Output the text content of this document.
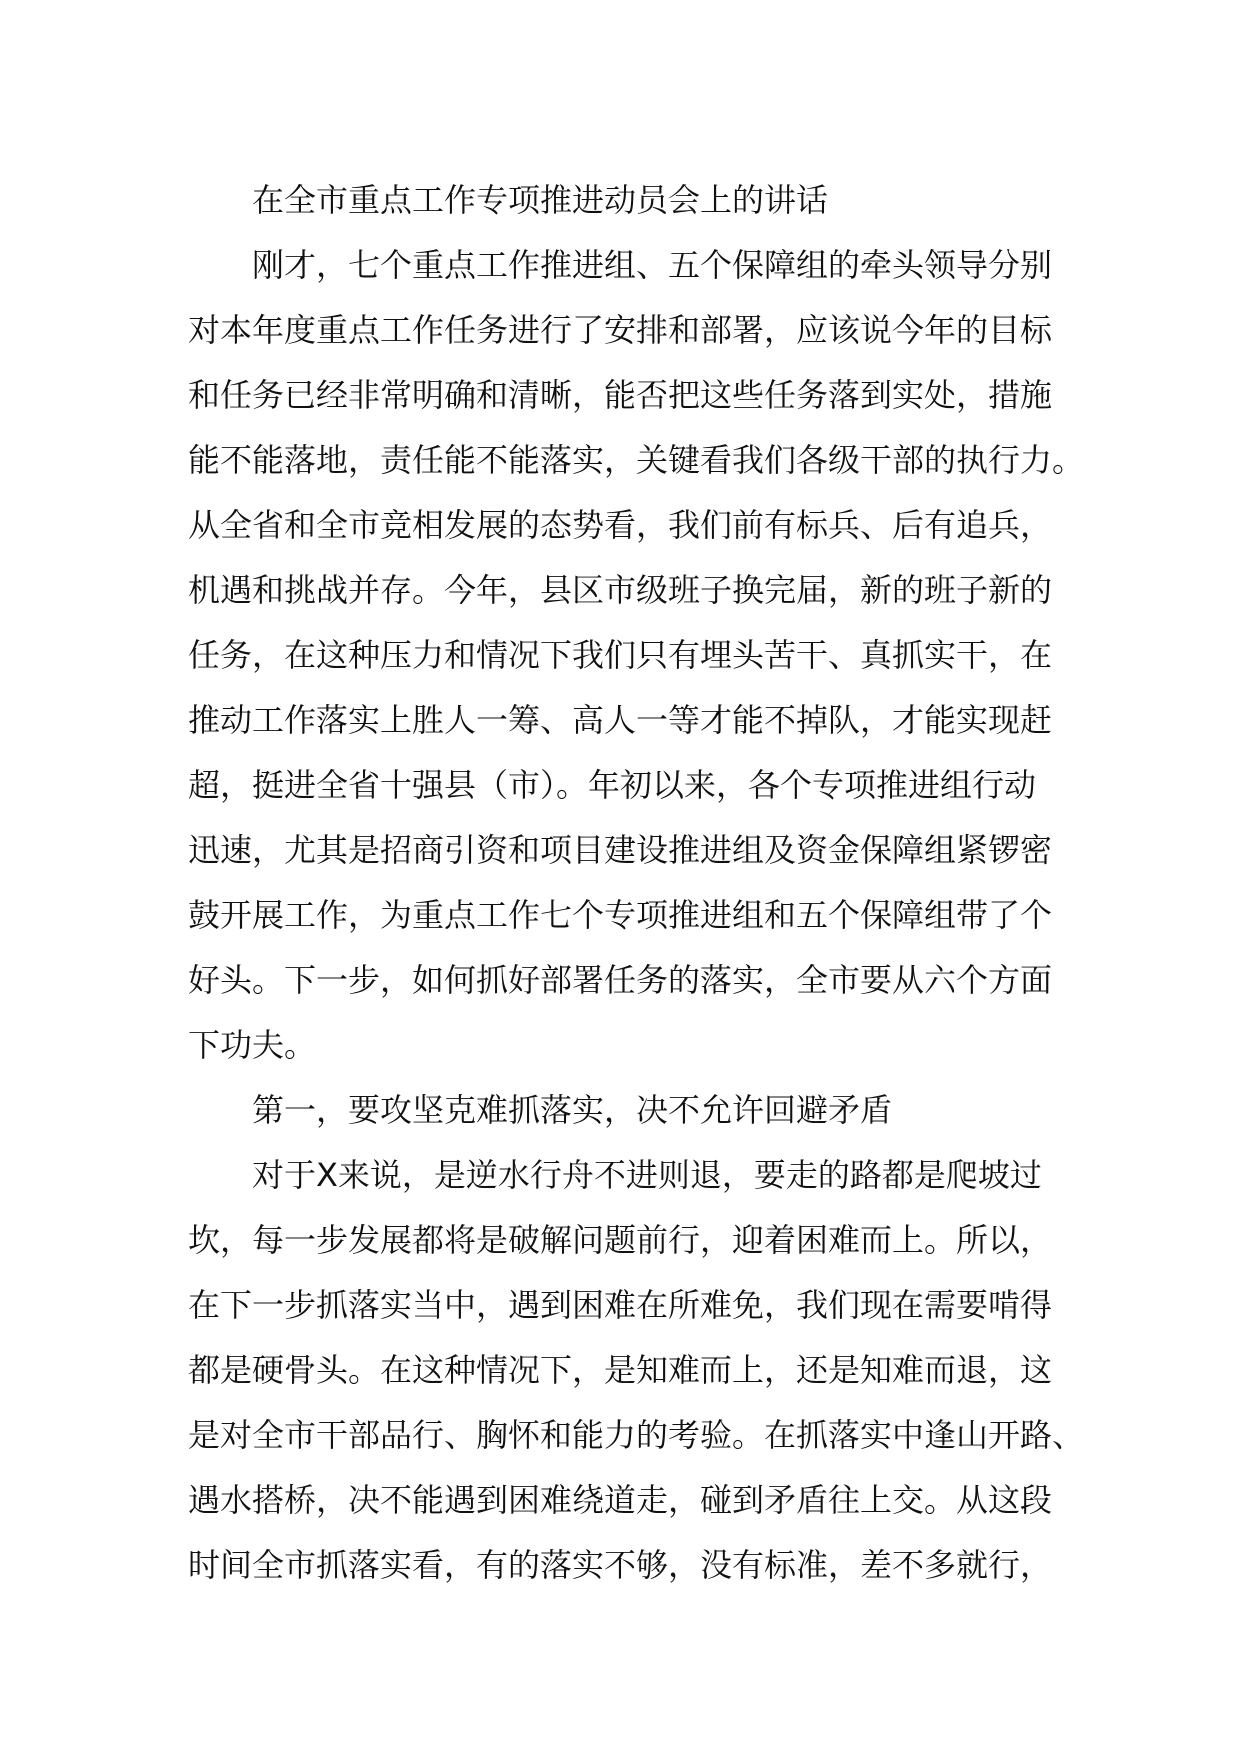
在全市重点工作专项推进动员会上的讲话
刚才，七个重点工作推进组、五个保障组的牵头领导分别
对本年度重点工作任务进行了安排和部署，应该说今年的目标
和任务已经非常明确和清晰，能否把这些任务落到实处，措施
能不能落地，责任能不能落实，关键看我们各级干部的执行力。
从全省和全市竞相发展的态势看，我们前有标兵、后有追兵，
机遇和挑战并存。今年，县区市级班子换完届，新的班子新的
任务，在这种压力和情况下我们只有埋头苦干、真抓实干，在
推动工作落实上胜人一筹、高人一等才能不掉队，才能实现赶
超，挺进全省十强县（市）。年初以来，各个专项推进组行动
迅速，尤其是招商引资和项目建设推进组及资金保障组紧锣密
鼓开展工作，为重点工作七个专项推进组和五个保障组带了个
好头。下一步，如何抓好部署任务的落实，全市要从六个方面
下功夫。
第一，要攻坚克难抓落实，决不允许回避矛盾
对于X来说，是逆水行舟不进则退，要走的路都是爬坡过
坎，每一步发展都将是破解问题前行，迎着困难而上。所以，
在下一步抓落实当中，遇到困难在所难免，我们现在需要啃得
都是硬骨头。在这种情况下，是知难而上，还是知难而退，这
是对全市干部品行、胸怀和能力的考验。在抓落实中逢山开路、
遇水搭桥，决不能遇到困难绕道走，碰到矛盾往上交。从这段
时间全市抓落实看，有的落实不够，没有标准，差不多就行，
